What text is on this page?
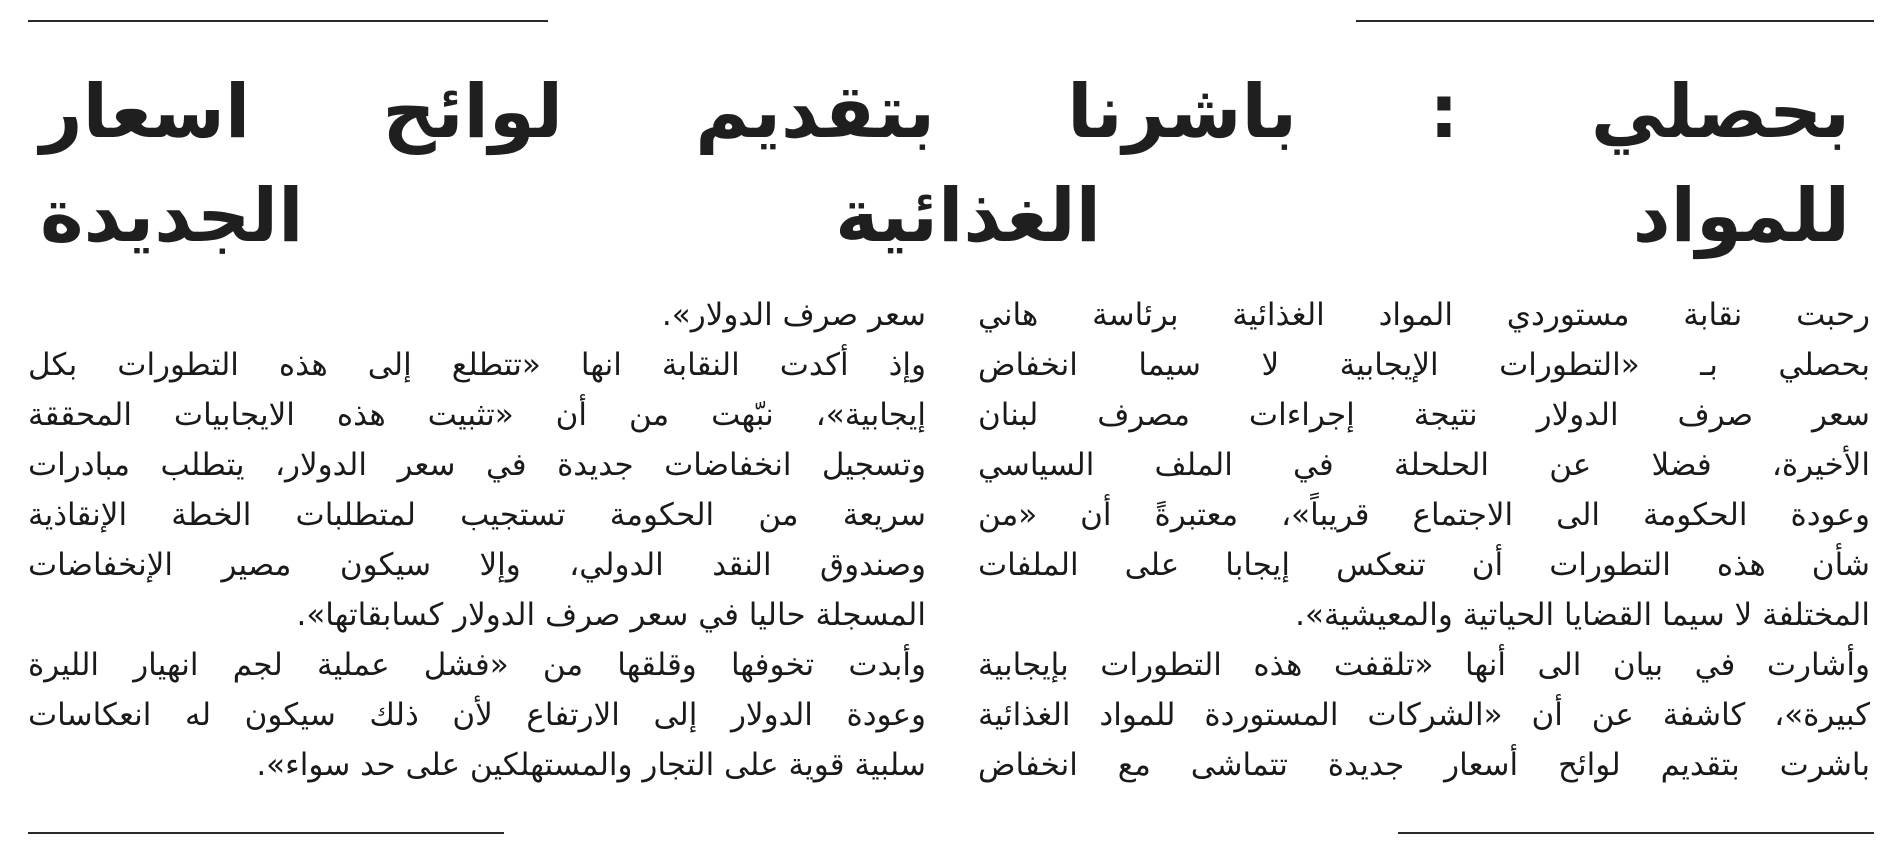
بحصلي : باشرنا بتقديم لوائح اسعار
للمواد الغذائية الجديدة
رحبت نقابة مستوردي المواد الغذائية برئاسة هاني
بحصلي بـ «التطورات الإيجابية لا سيما انخفاض
سعر صرف الدولار نتيجة إجراءات مصرف لبنان
الأخيرة، فضلا عن الحلحلة في الملف السياسي
وعودة الحكومة الى الاجتماع قريباً»، معتبرةً أن «من
شأن هذه التطورات أن تنعكس إيجابا على الملفات
المختلفة لا سيما القضايا الحياتية والمعيشية».
وأشارت في بيان الى أنها «تلقفت هذه التطورات بإيجابية
كبيرة»، كاشفة عن أن «الشركات المستوردة للمواد الغذائية
باشرت بتقديم لوائح أسعار جديدة تتماشى مع انخفاض
سعر صرف الدولار».
وإذ أكدت النقابة انها «تتطلع إلى هذه التطورات بكل
إيجابية»، نبّهت من أن «تثبيت هذه الايجابيات المحققة
وتسجيل انخفاضات جديدة في سعر الدولار، يتطلب مبادرات
سريعة من الحكومة تستجيب لمتطلبات الخطة الإنقاذية
وصندوق النقد الدولي، وإلا سيكون مصير الإنخفاضات
المسجلة حاليا في سعر صرف الدولار كسابقاتها».
وأبدت تخوفها وقلقها من «فشل عملية لجم انهيار الليرة
وعودة الدولار إلى الارتفاع لأن ذلك سيكون له انعكاسات
سلبية قوية على التجار والمستهلكين على حد سواء».
